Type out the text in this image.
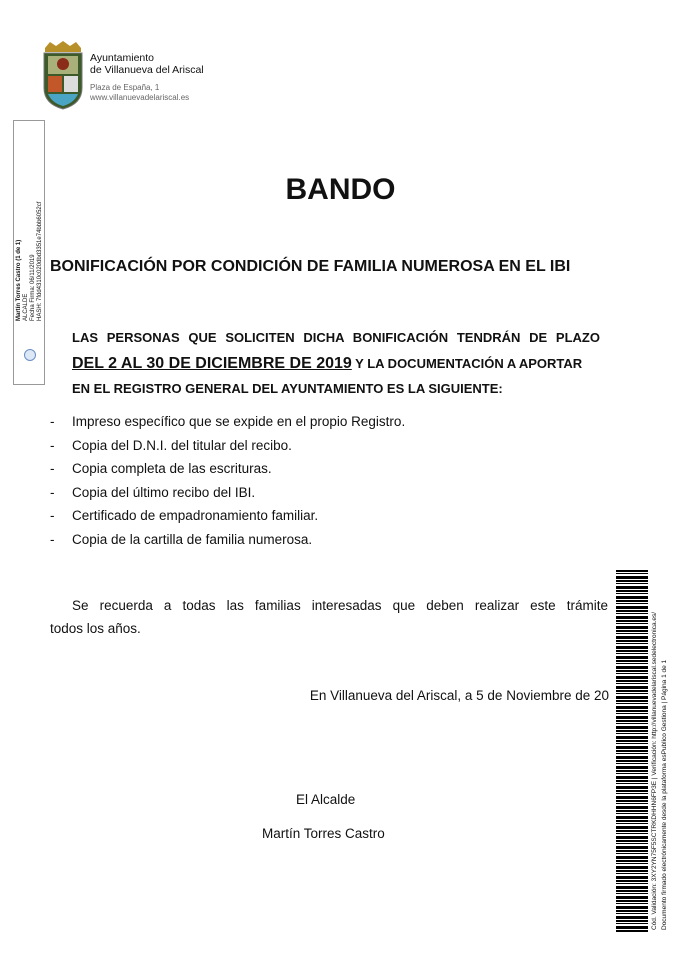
Ayuntamiento
de Villanueva del Ariscal
Plaza de España, 1
www.villanuevadelariscal.es
Martín Torres Castro (1 de 1) ALCALDE Fecha Firma: 06/11/2019 HASH: 7fdd4310c020dbd3351e74bbb6052cf
BANDO
BONIFICACIÓN POR CONDICIÓN DE FAMILIA NUMEROSA EN EL IBI
LAS PERSONAS QUE SOLICITEN DICHA BONIFICACIÓN TENDRÁN DE PLAZO
DEL 2 AL 30 DE DICIEMBRE DE 2019 Y LA DOCUMENTACIÓN A APORTAR
EN EL REGISTRO GENERAL DEL AYUNTAMIENTO ES LA SIGUIENTE:
- Impreso específico que se expide en el propio Registro.
- Copia del D.N.I. del titular del recibo.
- Copia completa de las escrituras.
- Copia del último recibo del IBI.
- Certificado de empadronamiento familiar.
- Copia de la cartilla de familia numerosa.
Se recuerda a todas las familias interesadas que deben realizar este trámite
todos los años.
En Villanueva del Ariscal, a 5 de Noviembre de 20
El Alcalde
Martín Torres Castro	Cód. Validación: 3XY2YN75F5SCTRKDHHN6FP3E | Verificación: http://villanuevadelariscal.sedelectronica.es/ Documento firmado electrónicamente desde la plataforma esPublico Gestiona | Página 1 de 1
